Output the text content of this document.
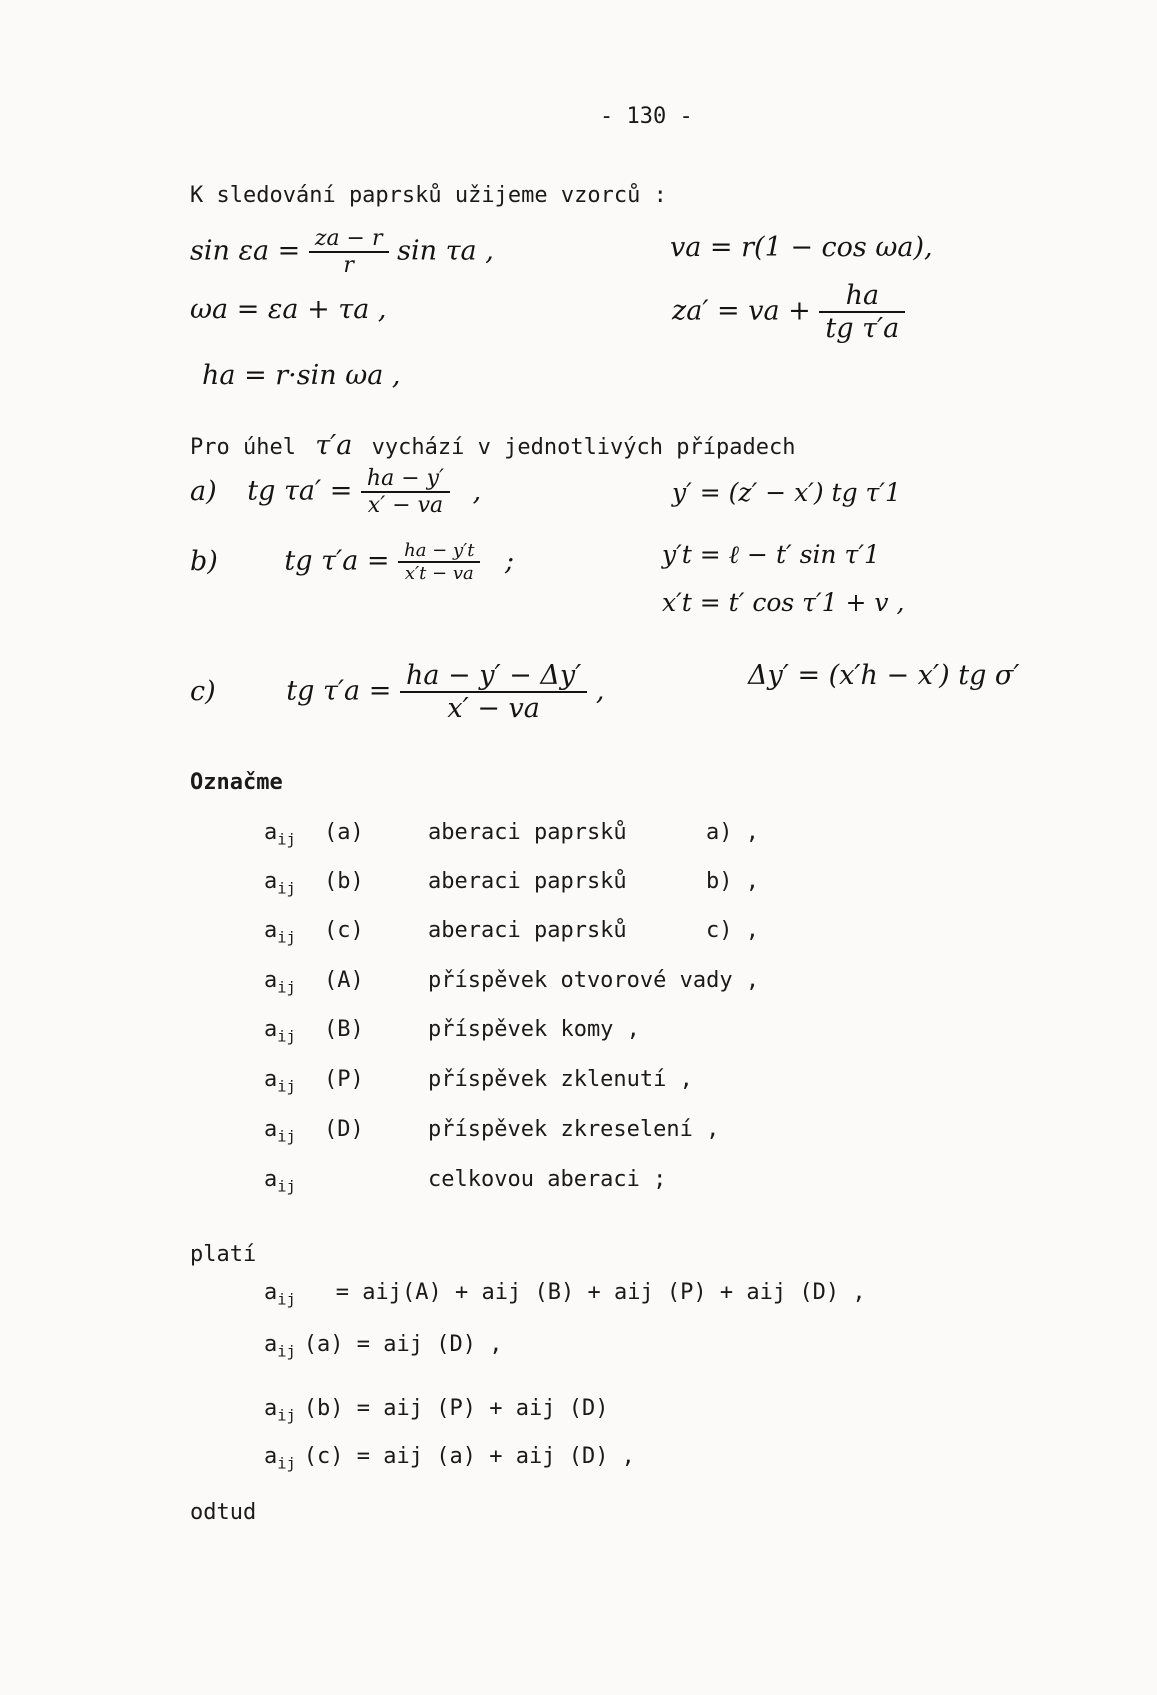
- 130 -
K sledování paprsků užijeme vzorců :
$\sin \varepsilon a = \frac{za - r}{r}$ sin τa ,	va = r(1 − cos ωa),
ωa = εa + τa ,	za′ = va + $\frac{ha}{\text{tg τ′a}}$
ha = r·sin ωa ,
Pro úhel τ′a vychází v jednotlivých případech
a) tg $\tau a' = \frac{ha - y'}{x' - va}$ ,	y′ = (z′ − x′) tg τ′1
b) tg $\tau'a = \frac{ha - y't}{x't - va}$ ;	y′t = ℓ − t′ sin τ′1
x′t = t′ cos τ′1 + v ,
c)	tg $\tau'a = \frac{ha - y' - \Delta y'}{x' - va}$ ,	Δy′ = (x′h − x′) tg σ′
Označme
$a_{ij}$ (a)	aberaci paprsků	a) ,
$a_{ij}$ (b)	aberaci paprsků	b) ,
$a_{ij}$ (c)	aberaci paprsků	c) ,
$a_{ij}$ (A)	příspěvek otvorové vady ,
$a_{ij}$ (B)	příspěvek komy ,
$a_{ij}$ (P)	příspěvek zklenutí ,
$a_{ij}$ (D)	příspěvek zkreselení ,
$a_{ij}$	celkovou aberaci ;
platí
$a_{ij} = aij(A)$ + aij (B) + aij (P) + aij (D) ,
$a_{ij}$ (a) = aij (D) ,
$a_{ij}$ (b) = aij (P) + aij (D)
$a_{ij}$ (c) = aij (a) + aij (D) ,
odtud
